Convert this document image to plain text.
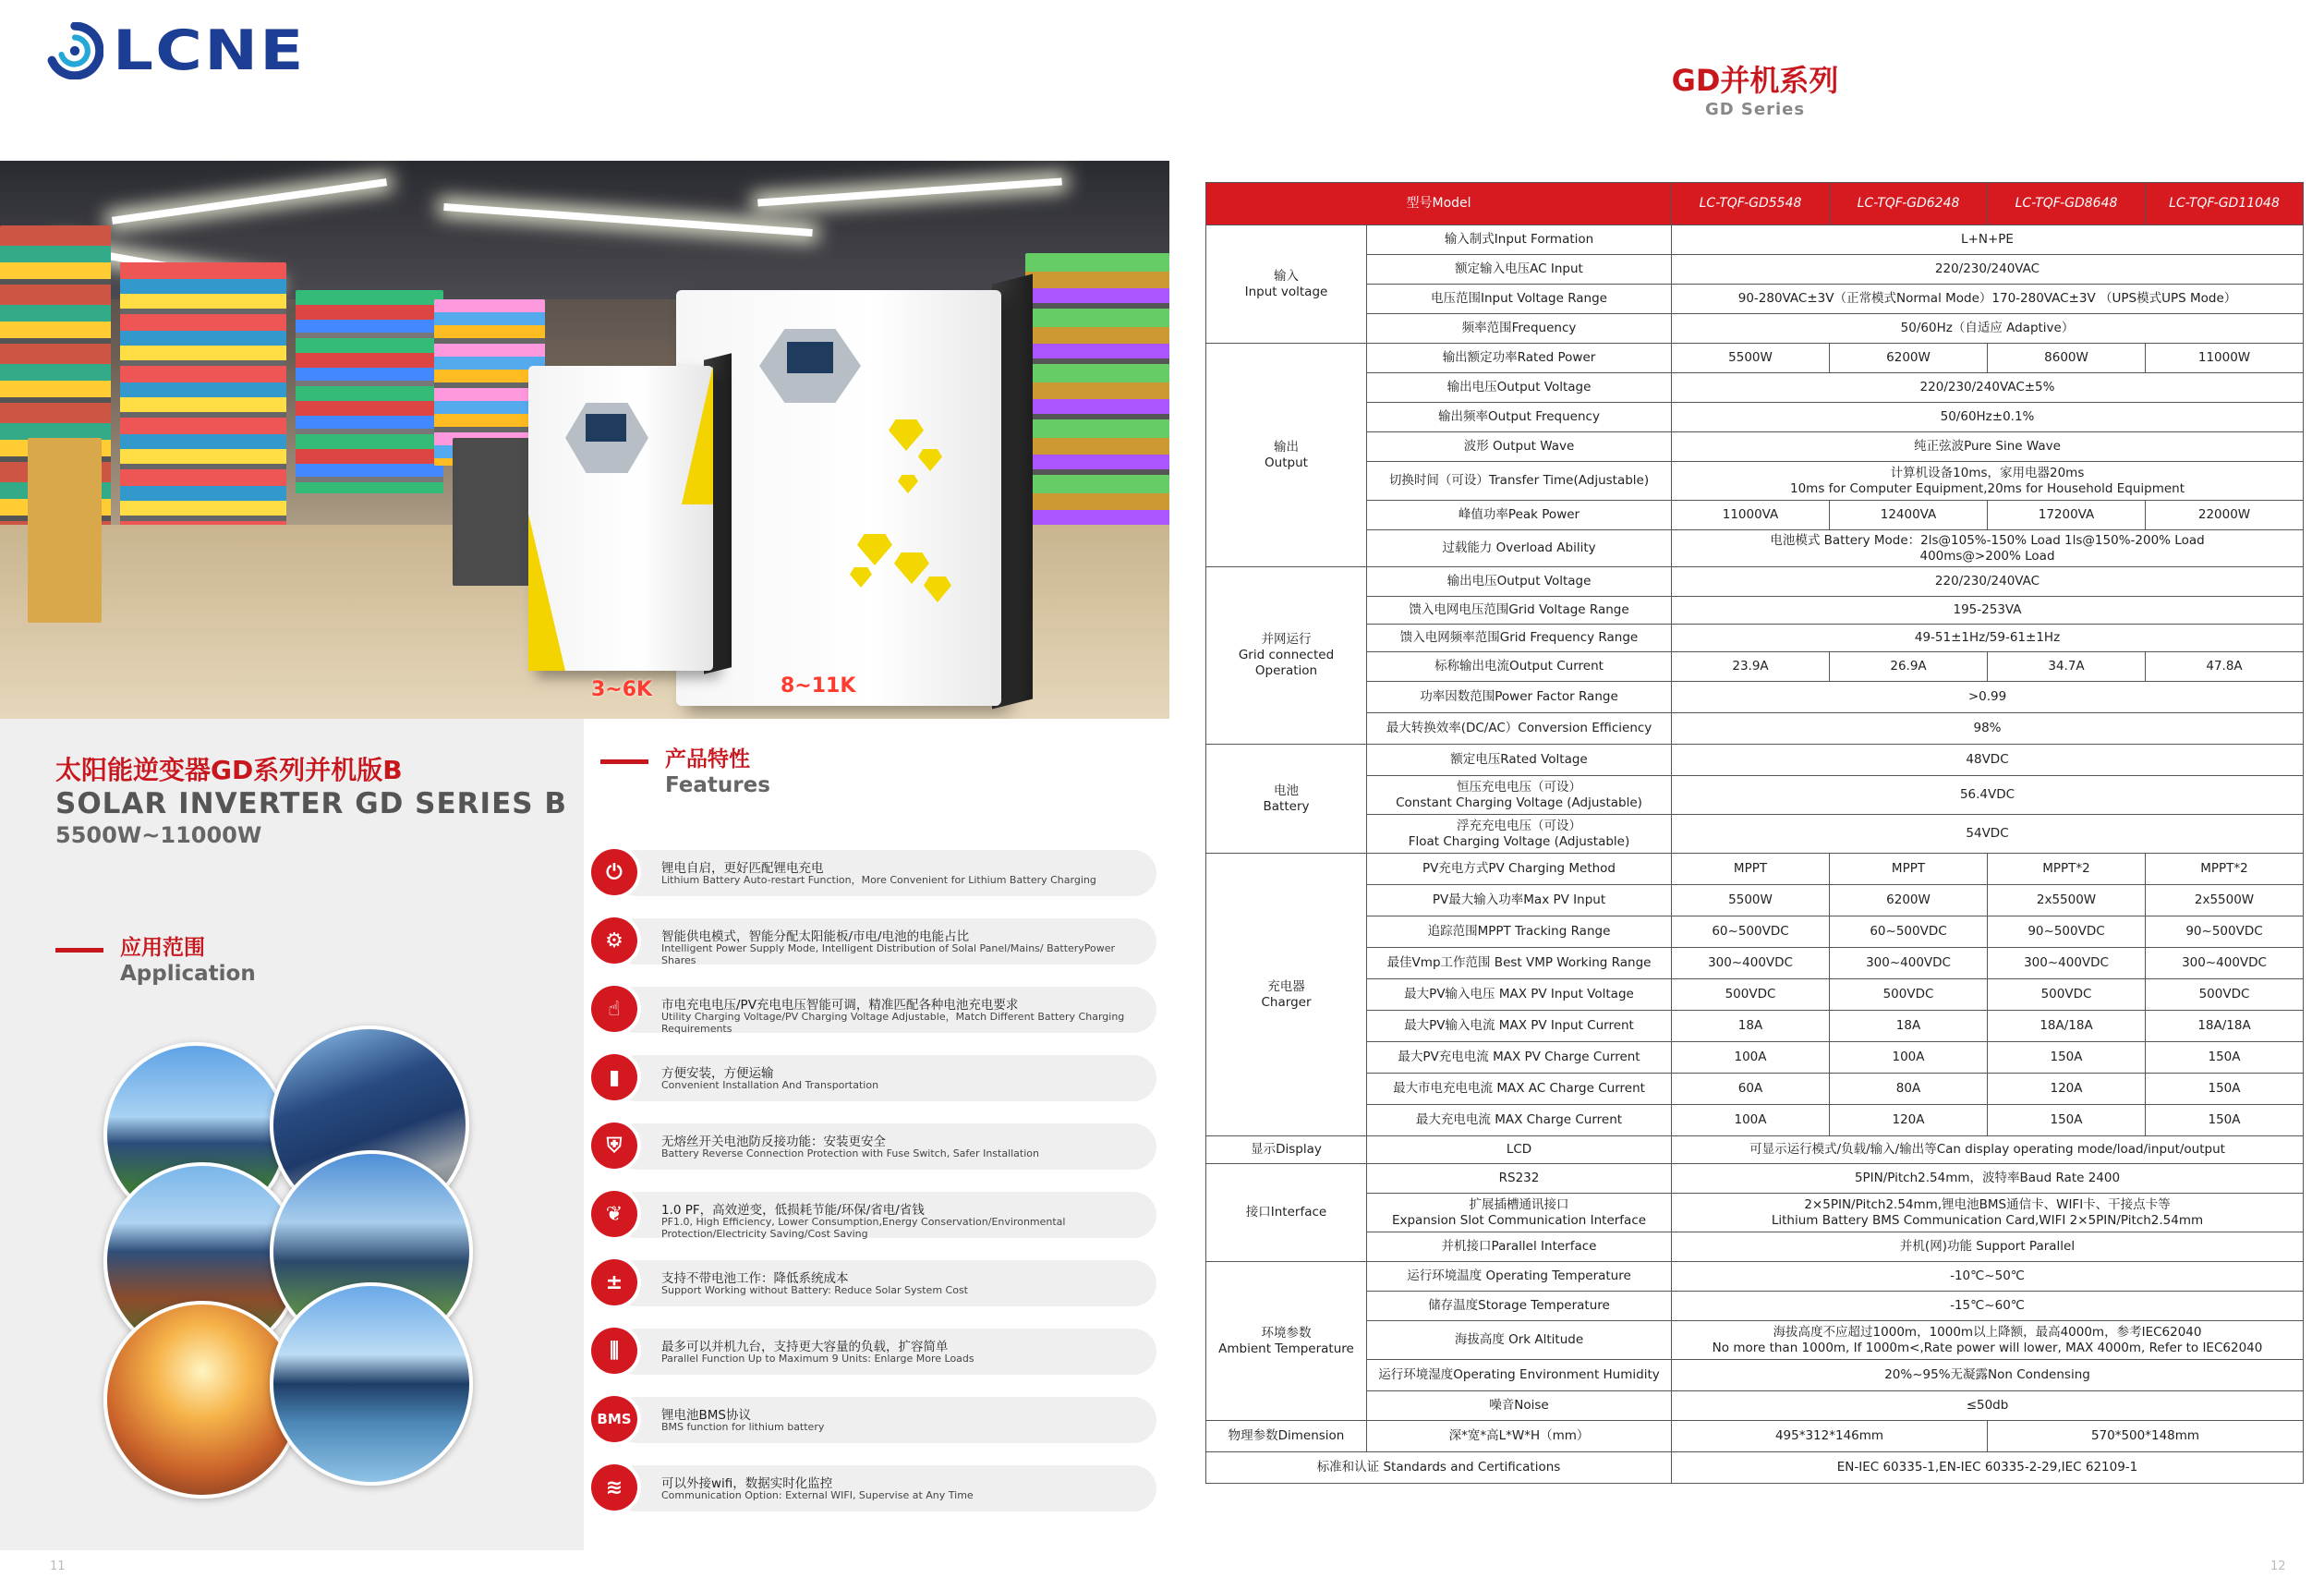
LCNE
3~6K	8~11K
太阳能逆变器GD系列并机版B
SOLAR INVERTER GD SERIES B
5500W~11000W
应用范围
Application
产品特性
Features
⏻	锂电自启，更好匹配锂电充电
Lithium Battery Auto-restart Function，More Convenient for Lithium Battery Charging
⚙	智能供电模式，智能分配太阳能板/市电/电池的电能占比
Intelligent Power Supply Mode, Intelligent Distribution of Solal Panel/Mains/ BatteryPower Shares
☝	市电充电电压/PV充电电压智能可调，精准匹配各种电池充电要求
Utility Charging Voltage/PV Charging Voltage Adjustable，Match Different Battery Charging Requirements
▮	方便安装，方便运输
Convenient Installation And Transportation
⛨	无熔丝开关电池防反接功能：安装更安全
Battery Reverse Connection Protection with Fuse Switch, Safer Installation
❦	1.0 PF，高效逆变，低损耗节能/环保/省电/省钱
PF1.0, High Efficiency, Lower Consumption,Energy Conservation/Environmental Protection/Electricity Saving/Cost Saving
±	支持不带电池工作：降低系统成本
Support Working without Battery: Reduce Solar System Cost
⫼	最多可以并机九台，支持更大容量的负载，扩容简单
Parallel Function Up to Maximum 9 Units: Enlarge More Loads
BMS	锂电池BMS协议
BMS function for lithium battery
≋	可以外接wifi，数据实时化监控
Communication Option: External WIFI, Supervise at Any Time
11	12
GD并机系列
GD Series
型号Model		LC-TQF-GD5548	LC-TQF-GD6248	LC-TQF-GD8648	LC-TQF-GD11048
输入
Input voltage	输入制式Input Formation	L+N+PE			
	额定输入电压AC Input	220/230/240VAC			
	电压范围Input Voltage Range	90-280VAC±3V（正常模式Normal Mode）170-280VAC±3V （UPS模式UPS Mode）			
	频率范围Frequency	50/60Hz（自适应 Adaptive）			
输出
Output	输出额定功率Rated Power	5500W	6200W	8600W	11000W
	输出电压Output Voltage	220/230/240VAC±5%			
	输出频率Output Frequency	50/60Hz±0.1%			
	波形 Output Wave	纯正弦波Pure Sine Wave			
	切换时间（可设）Transfer Time(Adjustable)	计算机设备10ms，家用电器20ms
10ms for Computer Equipment,20ms for Household Equipment			
	峰值功率Peak Power	11000VA	12400VA	17200VA	22000W
	过载能力 Overload Ability	电池模式 Battery Mode：2ls@105%-150% Load 1ls@150%-200% Load
400ms@>200% Load			
并网运行
Grid connected
Operation	输出电压Output Voltage	220/230/240VAC			
	馈入电网电压范围Grid Voltage Range	195-253VA			
	馈入电网频率范围Grid Frequency Range	49-51±1Hz/59-61±1Hz			
	标称输出电流Output Current	23.9A	26.9A	34.7A	47.8A
	功率因数范围Power Factor Range	>0.99			
	最大转换效率(DC/AC）Conversion Efficiency	98%			
电池
Battery	额定电压Rated Voltage	48VDC			
	恒压充电电压（可设）
Constant Charging Voltage (Adjustable)	56.4VDC			
	浮充充电电压（可设）
Float Charging Voltage (Adjustable)	54VDC			
充电器
Charger	PV充电方式PV Charging Method	MPPT	MPPT	MPPT*2	MPPT*2
	PV最大输入功率Max PV Input	5500W	6200W	2x5500W	2x5500W
	追踪范围MPPT Tracking Range	60~500VDC	60~500VDC	90~500VDC	90~500VDC
	最佳Vmp工作范围 Best VMP Working Range	300~400VDC	300~400VDC	300~400VDC	300~400VDC
	最大PV输入电压 MAX PV Input Voltage	500VDC	500VDC	500VDC	500VDC
	最大PV输入电流 MAX PV Input Current	18A	18A	18A/18A	18A/18A
	最大PV充电电流 MAX PV Charge Current	100A	100A	150A	150A
	最大市电充电电流 MAX AC Charge Current	60A	80A	120A	150A
	最大充电电流 MAX Charge Current	100A	120A	150A	150A
显示Display	LCD	可显示运行模式/负载/输入/输出等Can display operating mode/load/input/output			
接口Interface	RS232	5PIN/Pitch2.54mm，波特率Baud Rate 2400			
	扩展插槽通讯接口
Expansion Slot Communication Interface	2×5PIN/Pitch2.54mm,锂电池BMS通信卡、WIFI卡、干接点卡等
Lithium Battery BMS Communication Card,WIFI 2×5PIN/Pitch2.54mm			
	并机接口Parallel Interface	并机(网)功能 Support Parallel			
环境参数
Ambient Temperature	运行环境温度 Operating Temperature	-10℃~50℃			
	储存温度Storage Temperature	-15℃~60℃			
	海拔高度 Ork Altitude	海拔高度不应超过1000m，1000m以上降额，最高4000m，参考IEC62040
No more than 1000m, If 1000m<,Rate power will lower, MAX 4000m, Refer to IEC62040			
	运行环境湿度Operating Environment Humidity	20%~95%无凝露Non Condensing			
	噪音Noise	≤50db			
物理参数Dimension	深*宽*高L*W*H（mm）	495*312*146mm		570*500*148mm	
标准和认证 Standards and Certifications		EN-IEC 60335-1,EN-IEC 60335-2-29,IEC 62109-1			
